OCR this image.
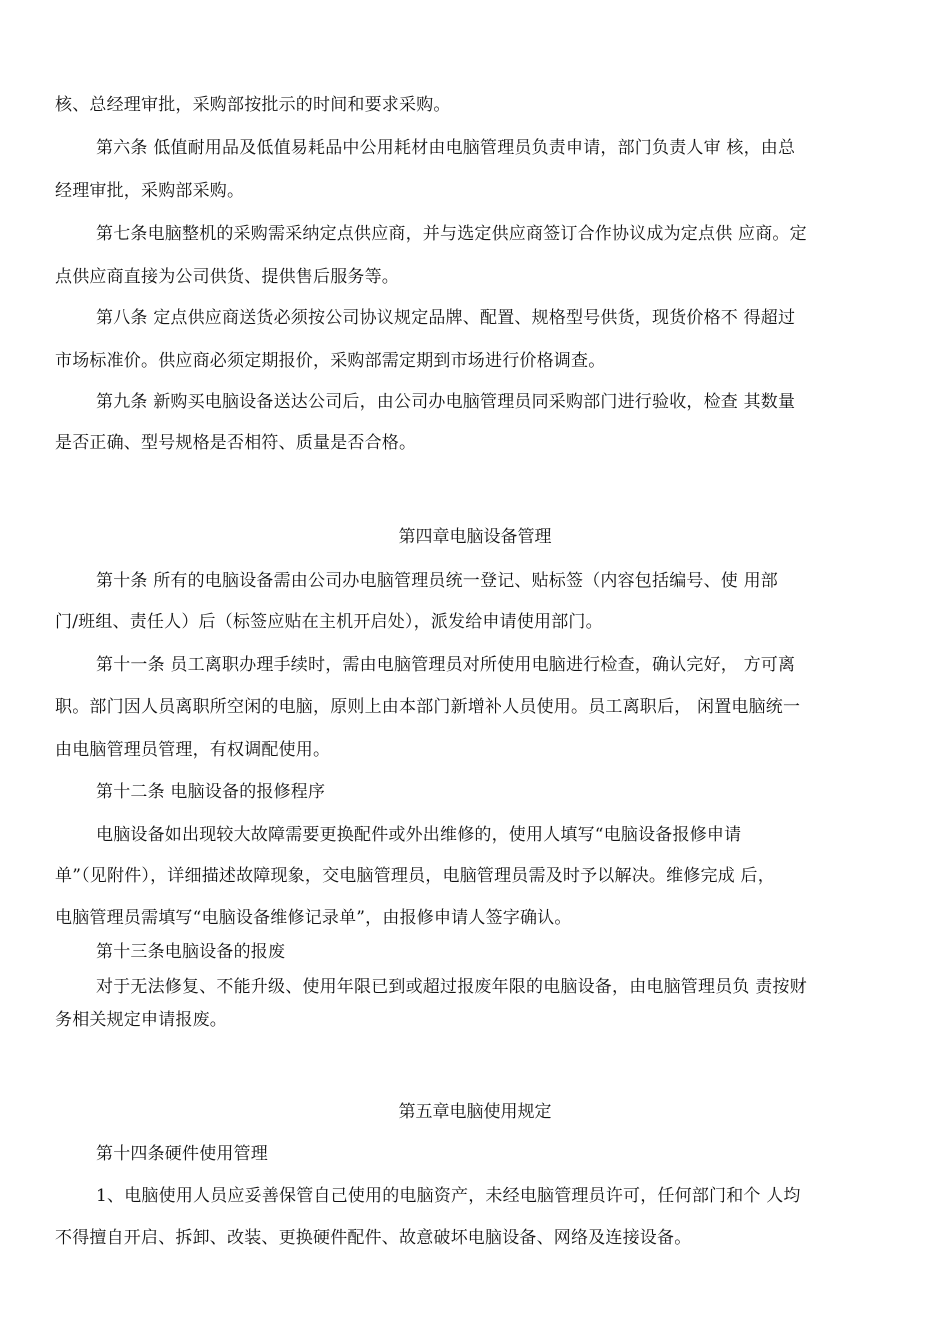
核、总经理审批，采购部按批示的时间和要求采购。

第六条 低值耐用品及低值易耗品中公用耗材由电脑管理员负责申请，部门负责人审 核，由总

经理审批，采购部采购。

第七条电脑整机的采购需采纳定点供应商，并与选定供应商签订合作协议成为定点供 应商。定

点供应商直接为公司供货、提供售后服务等。

第八条 定点供应商送货必须按公司协议规定品牌、配置、规格型号供货，现货价格不 得超过

市场标准价。供应商必须定期报价，采购部需定期到市场进行价格调查。

第九条 新购买电脑设备送达公司后，由公司办电脑管理员同采购部门进行验收，检查 其数量

是否正确、型号规格是否相符、质量是否合格。

第四章电脑设备管理

第十条 所有的电脑设备需由公司办电脑管理员统一登记、贴标签（内容包括编号、使 用部

门/班组、责任人）后（标签应贴在主机开启处），派发给申请使用部门。

第十一条 员工离职办理手续时，需由电脑管理员对所使用电脑进行检查，确认完好， 方可离

职。部门因人员离职所空闲的电脑，原则上由本部门新增补人员使用。员工离职后， 闲置电脑统一

由电脑管理员管理，有权调配使用。

第十二条 电脑设备的报修程序

电脑设备如出现较大故障需要更换配件或外出维修的，使用人填写“电脑设备报修申请

单”（见附件），详细描述故障现象，交电脑管理员，电脑管理员需及时予以解决。维修完成 后，

电脑管理员需填写“电脑设备维修记录单”，由报修申请人签字确认。

第十三条电脑设备的报废

对于无法修复、不能升级、使用年限已到或超过报废年限的电脑设备，由电脑管理员负 责按财

务相关规定申请报废。

第五章电脑使用规定

第十四条硬件使用管理

1、电脑使用人员应妥善保管自己使用的电脑资产，未经电脑管理员许可，任何部门和个 人均

不得擅自开启、拆卸、改装、更换硬件配件、故意破坏电脑设备、网络及连接设备。
